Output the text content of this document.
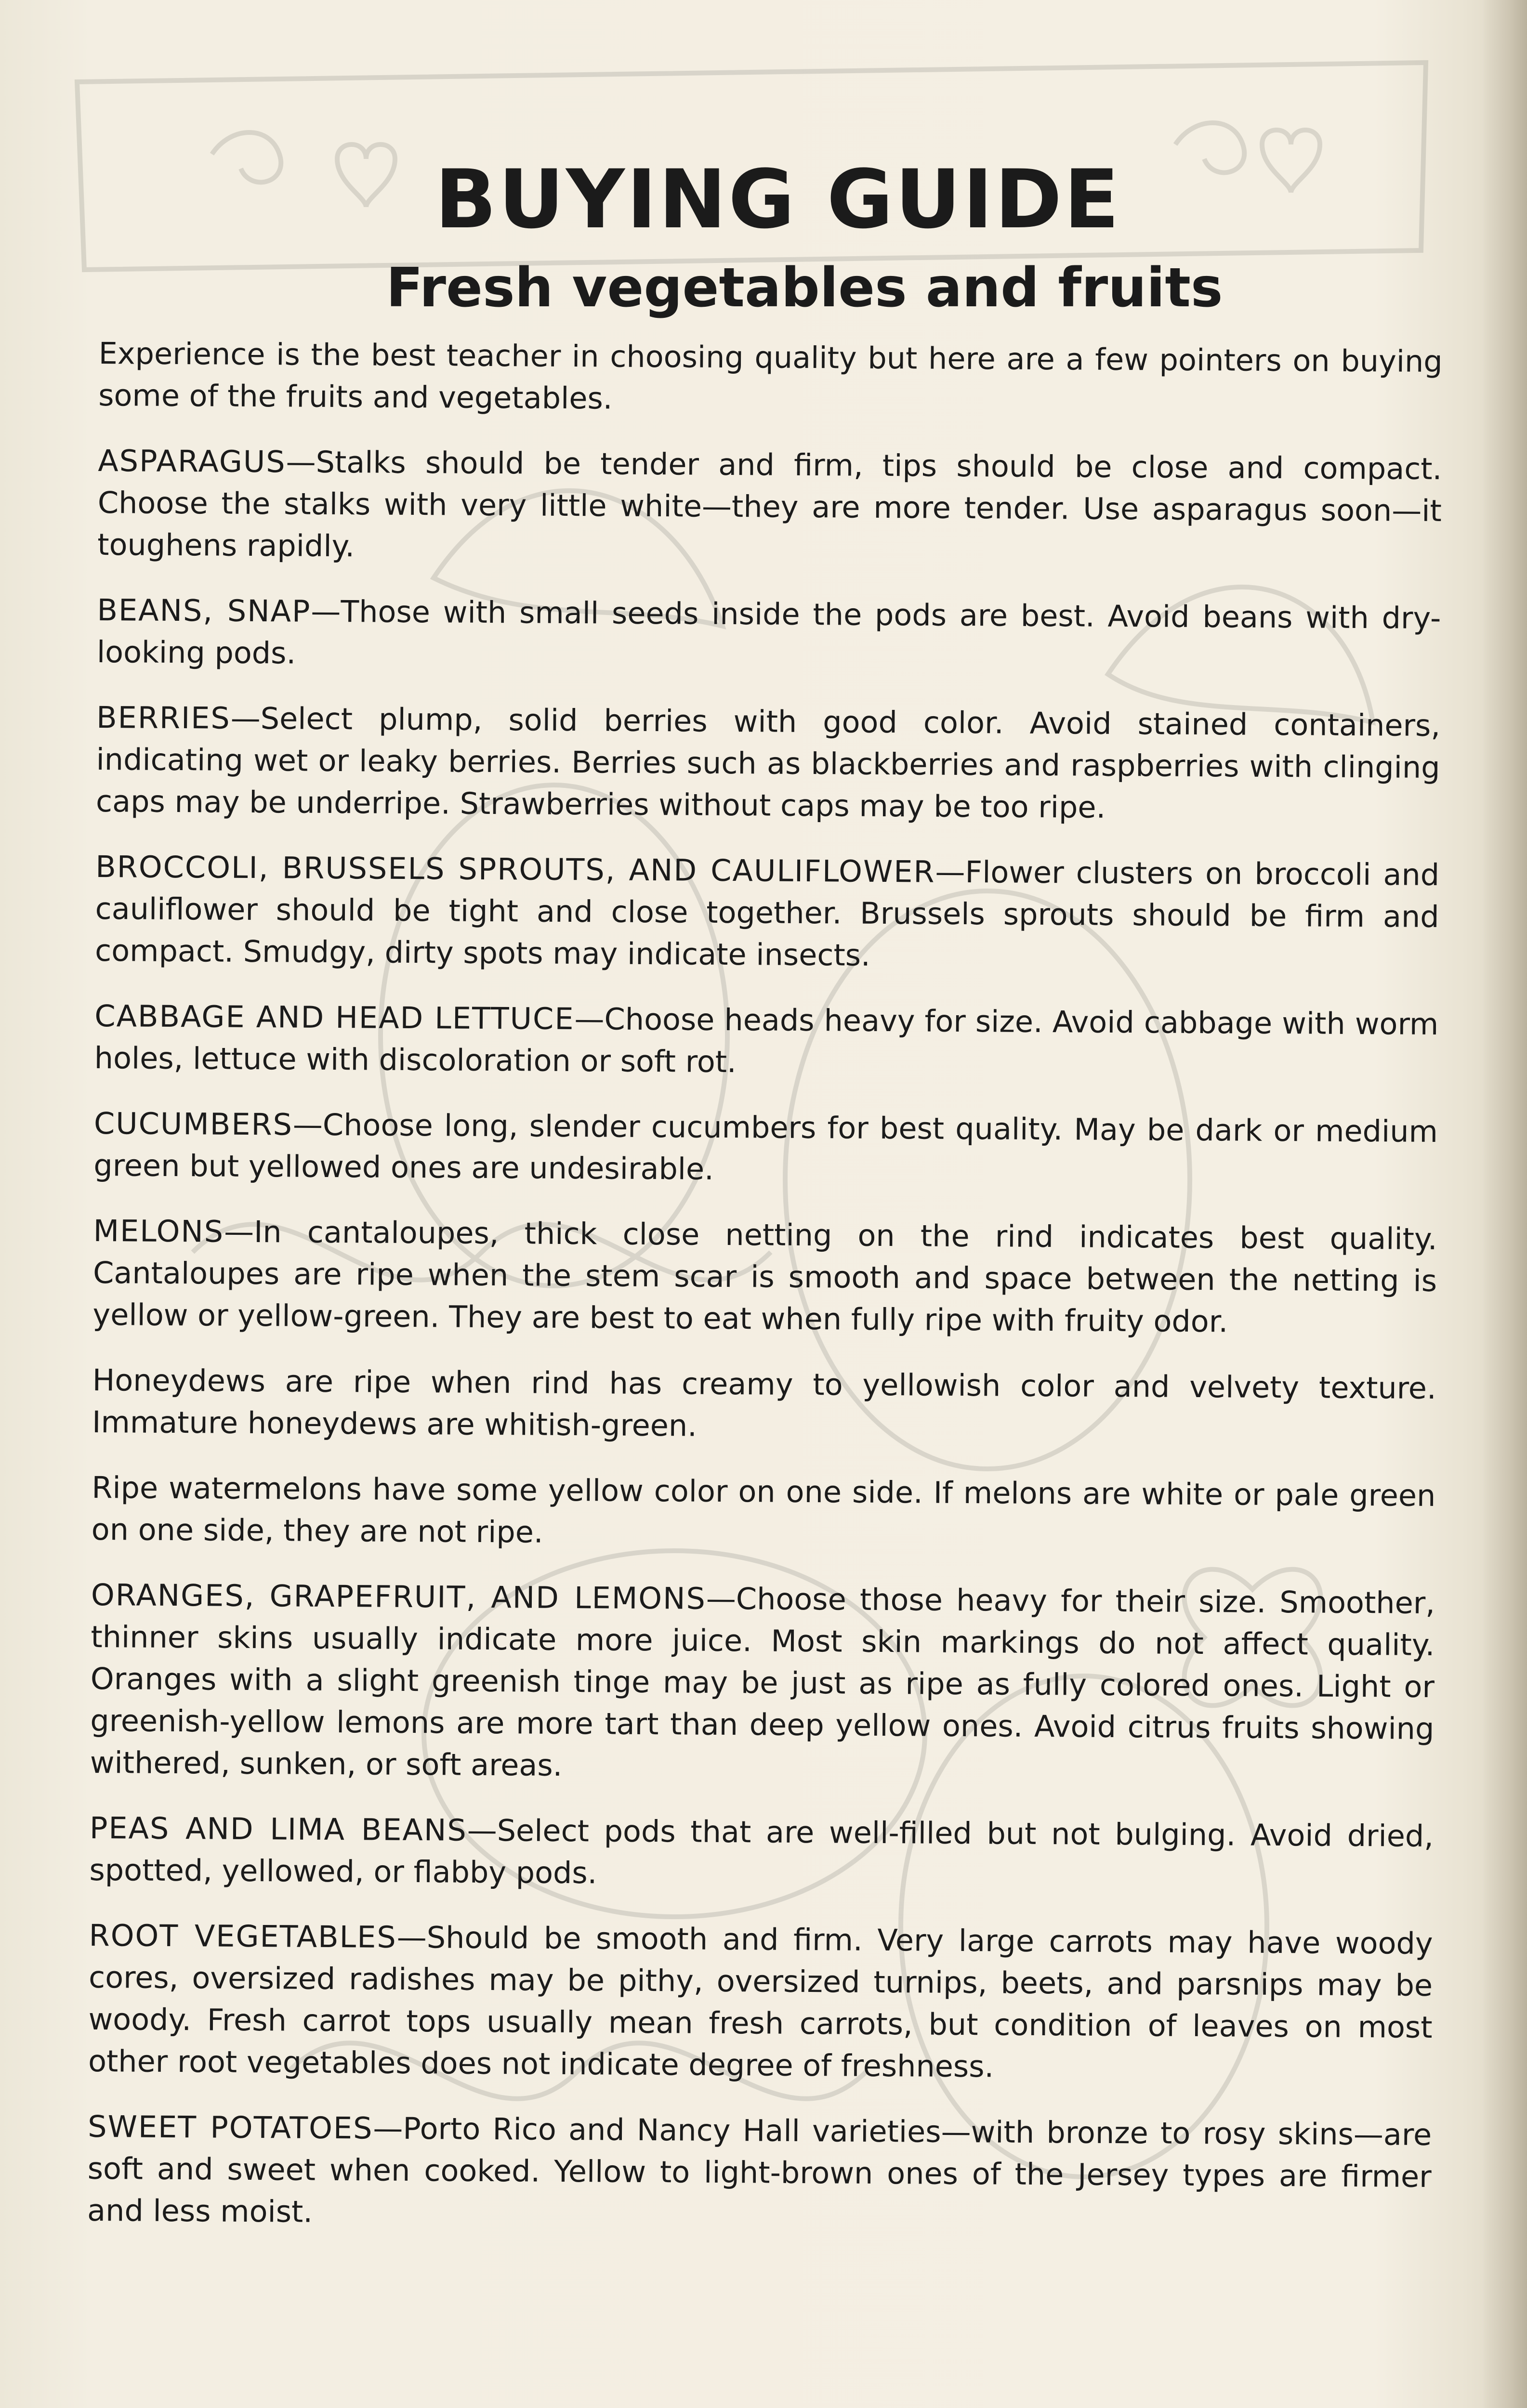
BUYING GUIDE
Fresh vegetables and fruits

Experience is the best teacher in choosing quality but here are a few pointers on buying some of the fruits and vegetables.

ASPARAGUS—Stalks should be tender and firm, tips should be close and compact. Choose the stalks with very little white—they are more tender. Use asparagus soon—it toughens rapidly.

BEANS, SNAP—Those with small seeds inside the pods are best. Avoid beans with dry-looking pods.

BERRIES—Select plump, solid berries with good color. Avoid stained containers, indicating wet or leaky berries. Berries such as blackberries and raspberries with clinging caps may be underripe. Strawberries without caps may be too ripe.

BROCCOLI, BRUSSELS SPROUTS, AND CAULIFLOWER—Flower clusters on broccoli and cauliflower should be tight and close together. Brussels sprouts should be firm and compact. Smudgy, dirty spots may indicate insects.

CABBAGE AND HEAD LETTUCE—Choose heads heavy for size. Avoid cabbage with worm holes, lettuce with discoloration or soft rot.

CUCUMBERS—Choose long, slender cucumbers for best quality. May be dark or medium green but yellowed ones are undesirable.

MELONS—In cantaloupes, thick close netting on the rind indicates best quality. Cantaloupes are ripe when the stem scar is smooth and space between the netting is yellow or yellow-green. They are best to eat when fully ripe with fruity odor.

Honeydews are ripe when rind has creamy to yellowish color and velvety texture. Immature honeydews are whitish-green.

Ripe watermelons have some yellow color on one side. If melons are white or pale green on one side, they are not ripe.

ORANGES, GRAPEFRUIT, AND LEMONS—Choose those heavy for their size. Smoother, thinner skins usually indicate more juice. Most skin markings do not affect quality. Oranges with a slight greenish tinge may be just as ripe as fully colored ones. Light or greenish-yellow lemons are more tart than deep yellow ones. Avoid citrus fruits showing withered, sunken, or soft areas.

PEAS AND LIMA BEANS—Select pods that are well-filled but not bulging. Avoid dried, spotted, yellowed, or flabby pods.

ROOT VEGETABLES—Should be smooth and firm. Very large carrots may have woody cores, oversized radishes may be pithy, oversized turnips, beets, and parsnips may be woody. Fresh carrot tops usually mean fresh carrots, but condition of leaves on most other root vegetables does not indicate degree of freshness.

SWEET POTATOES—Porto Rico and Nancy Hall varieties—with bronze to rosy skins—are soft and sweet when cooked. Yellow to light-brown ones of the Jersey types are firmer and less moist.
